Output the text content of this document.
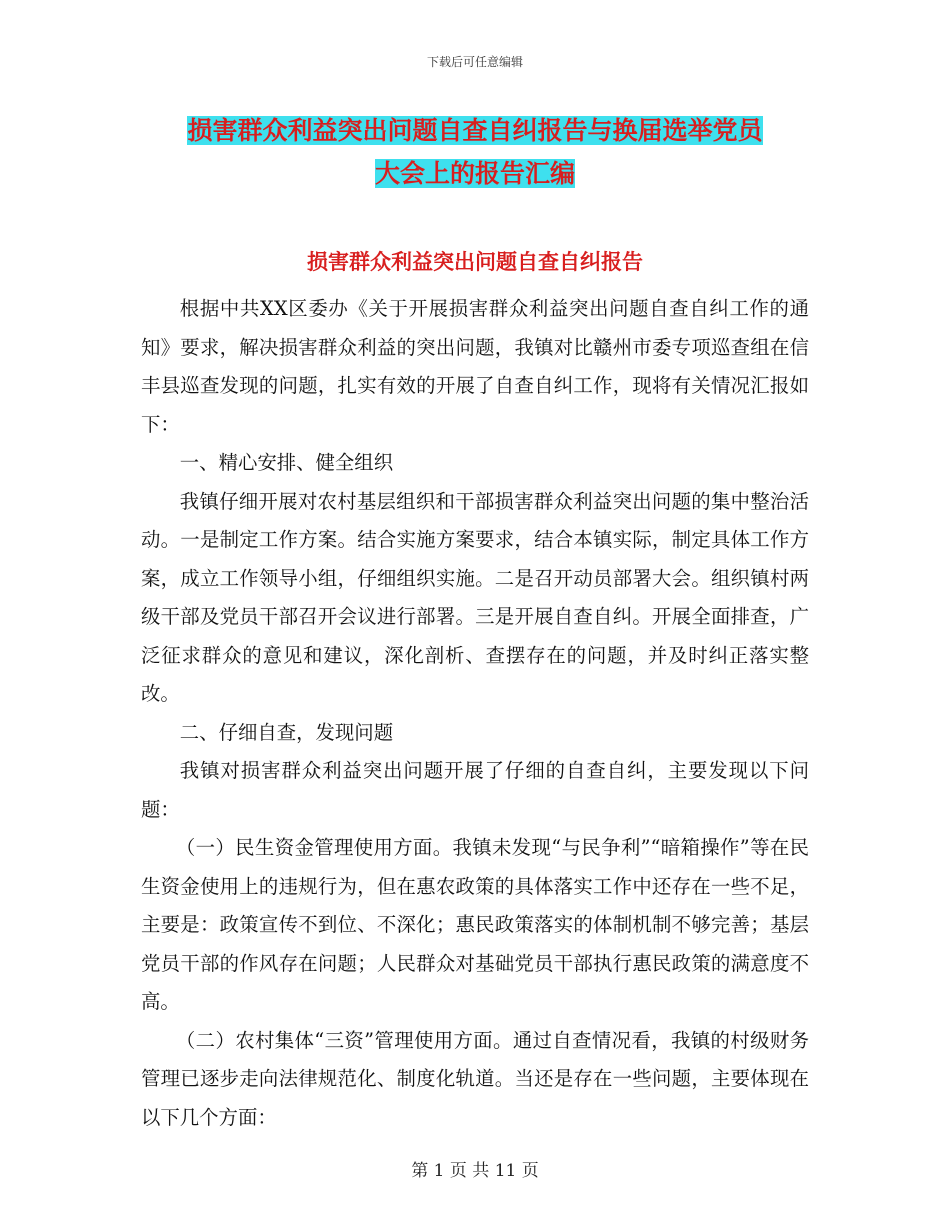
下载后可任意编辑
损害群众利益突出问题自查自纠报告与换届选举党员
大会上的报告汇编
损害群众利益突出问题自查自纠报告

根据中共XX区委办《关于开展损害群众利益突出问题自查自纠工作的通知》要求，解决损害群众利益的突出问题，我镇对比赣州市委专项巡查组在信丰县巡查发现的问题，扎实有效的开展了自查自纠工作，现将有关情况汇报如下：

一、精心安排、健全组织

我镇仔细开展对农村基层组织和干部损害群众利益突出问题的集中整治活动。一是制定工作方案。结合实施方案要求，结合本镇实际，制定具体工作方案，成立工作领导小组，仔细组织实施。二是召开动员部署大会。组织镇村两级干部及党员干部召开会议进行部署。三是开展自查自纠。开展全面排查，广泛征求群众的意见和建议，深化剖析、查摆存在的问题，并及时纠正落实整改。

二、仔细自查，发现问题

我镇对损害群众利益突出问题开展了仔细的自查自纠，主要发现以下问题：

（一）民生资金管理使用方面。我镇未发现“与民争利”“暗箱操作”等在民生资金使用上的违规行为，但在惠农政策的具体落实工作中还存在一些不足，主要是：政策宣传不到位、不深化；惠民政策落实的体制机制不够完善；基层党员干部的作风存在问题；人民群众对基础党员干部执行惠民政策的满意度不高。

（二）农村集体“三资”管理使用方面。通过自查情况看，我镇的村级财务管理已逐步走向法律规范化、制度化轨道。当还是存在一些问题，主要体现在以下几个方面：

第 1 页 共 11 页
